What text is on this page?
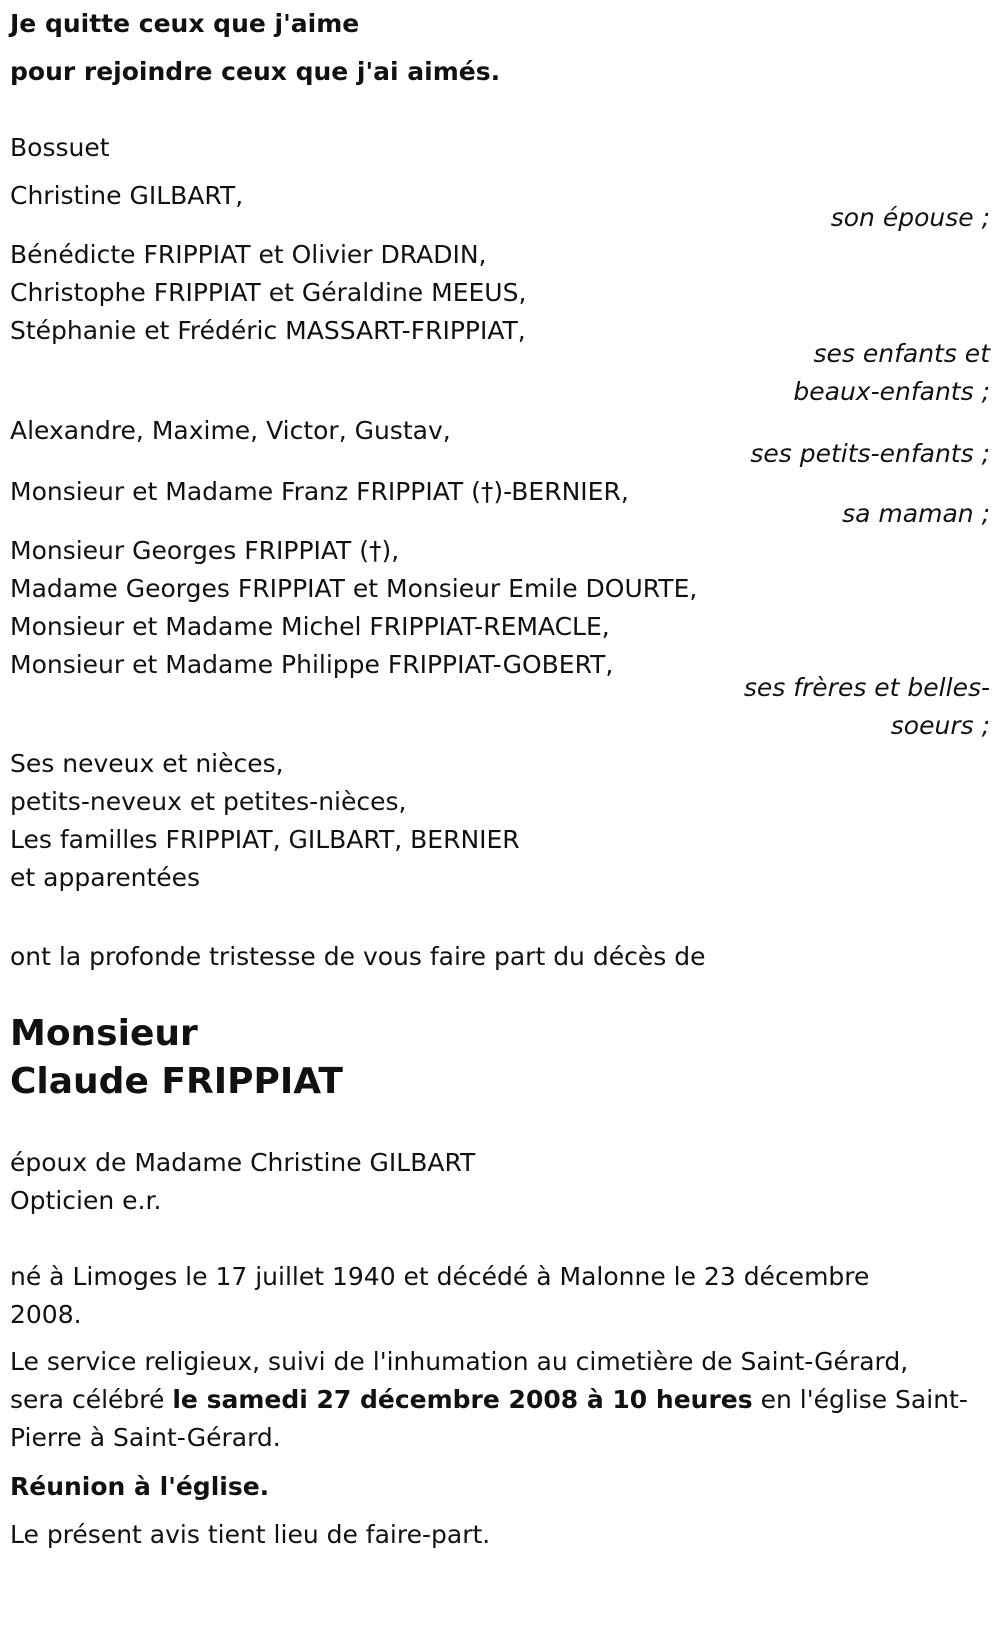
Je quitte ceux que j'aime
pour rejoindre ceux que j'ai aimés.
Bossuet
Christine GILBART,
son épouse ;
Bénédicte FRIPPIAT et Olivier DRADIN,
Christophe FRIPPIAT et Géraldine MEEUS,
Stéphanie et Frédéric MASSART-FRIPPIAT,
ses enfants et
beaux-enfants ;
Alexandre, Maxime, Victor, Gustav,
ses petits-enfants ;
Monsieur et Madame Franz FRIPPIAT (†)-BERNIER,
sa maman ;
Monsieur Georges FRIPPIAT (†),
Madame Georges FRIPPIAT et Monsieur Emile DOURTE,
Monsieur et Madame Michel FRIPPIAT-REMACLE,
Monsieur et Madame Philippe FRIPPIAT-GOBERT,
ses frères et belles-
soeurs ;
Ses neveux et nièces,
petits-neveux et petites-nièces,
Les familles FRIPPIAT, GILBART, BERNIER
et apparentées
ont la profonde tristesse de vous faire part du décès de
Monsieur
Claude FRIPPIAT
époux de Madame Christine GILBART
Opticien e.r.
né à Limoges le 17 juillet 1940 et décédé à Malonne le 23 décembre
2008.
Le service religieux, suivi de l'inhumation au cimetière de Saint-Gérard,
sera célébré le samedi 27 décembre 2008 à 10 heures en l'église Saint-
Pierre à Saint-Gérard.
Réunion à l'église.
Le présent avis tient lieu de faire-part.
